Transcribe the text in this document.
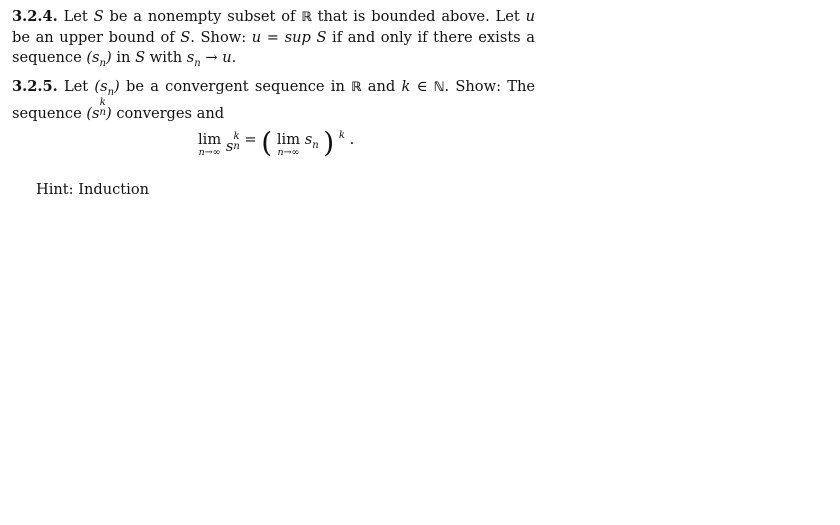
3.2.4. Let S be a nonempty subset of ℝ that is bounded above. Let u be an upper bound of S. Show: u = sup S if and only if there exists a sequence $(s_n)$ in S with $s_n \to u$.

3.2.5. Let $(s_n)$ be a convergent sequence in ℝ and k ∈ ℕ. Show: The sequence (s
k
n ) converges and

lim
n→∞ s
k
n = ( lim
n→∞
$s_n$ ) $^k$ .
Hint: Induction
